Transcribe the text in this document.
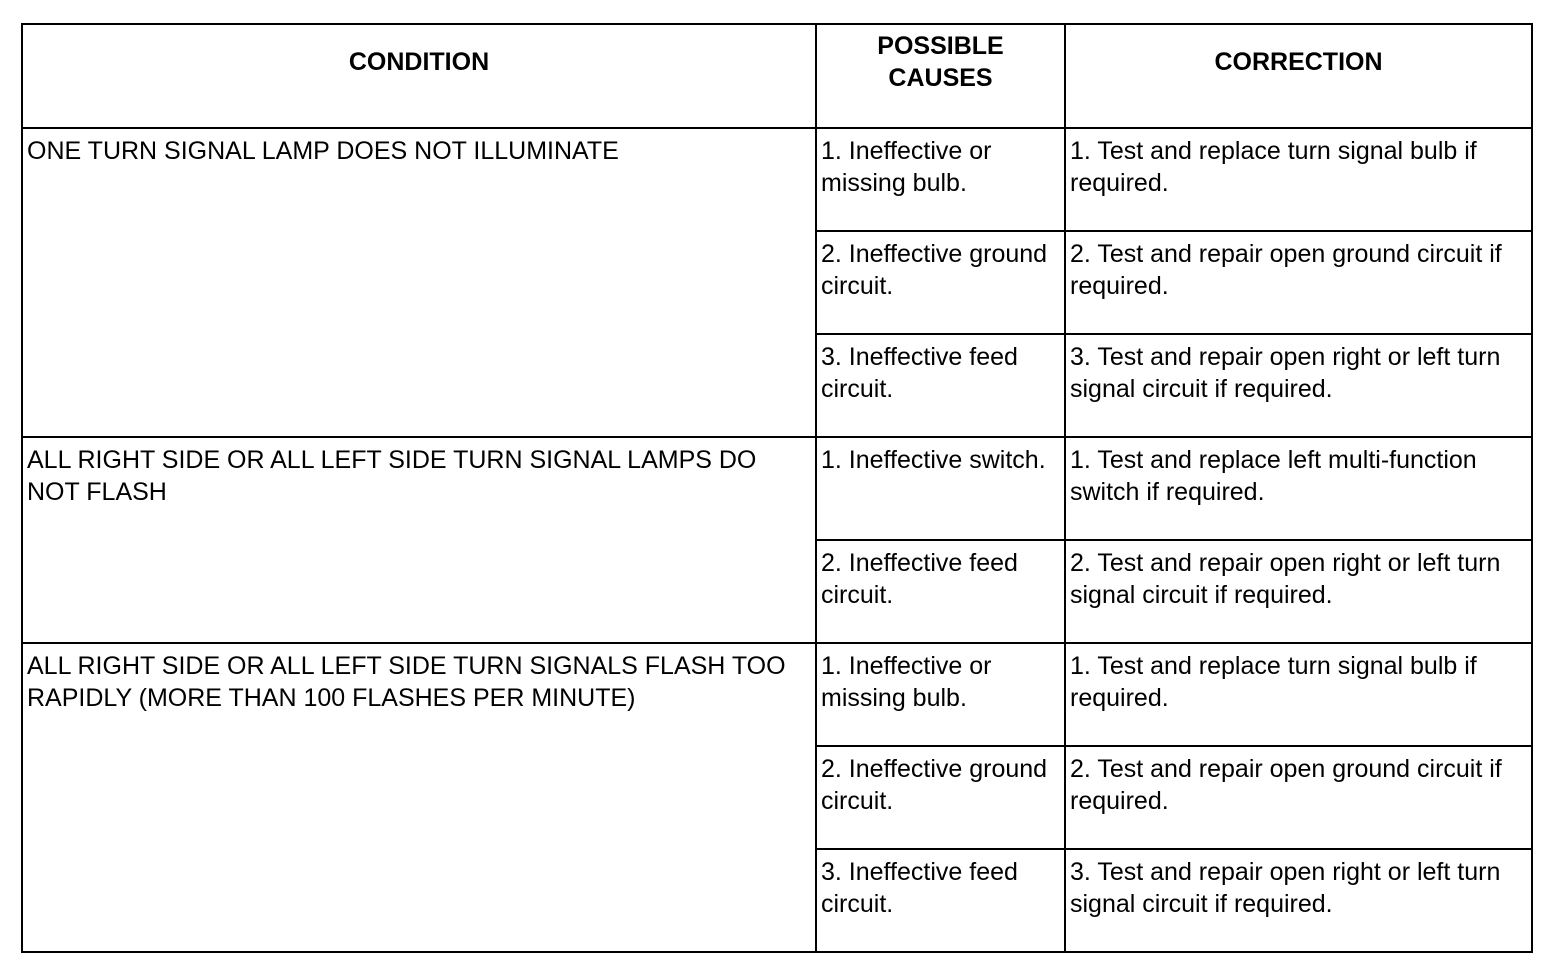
CONDITION	POSSIBLE CAUSES	CORRECTION

ONE TURN SIGNAL LAMP DOES NOT ILLUMINATE	1. Ineffective or missing bulb.	1. Test and replace turn signal bulb if required.

	2. Ineffective ground circuit.	2. Test and repair open ground circuit if required.

	3. Ineffective feed circuit.	3. Test and repair open right or left turn signal circuit if required.

ALL RIGHT SIDE OR ALL LEFT SIDE TURN SIGNAL LAMPS DO NOT FLASH	1. Ineffective switch.	1. Test and replace left multi-function switch if required.

	2. Ineffective feed circuit.	2. Test and repair open right or left turn signal circuit if required.

ALL RIGHT SIDE OR ALL LEFT SIDE TURN SIGNALS FLASH TOO RAPIDLY (MORE THAN 100 FLASHES PER MINUTE)	1. Ineffective or missing bulb.	1. Test and replace turn signal bulb if required.

	2. Ineffective ground circuit.	2. Test and repair open ground circuit if required.

	3. Ineffective feed circuit.	3. Test and repair open right or left turn signal circuit if required.
